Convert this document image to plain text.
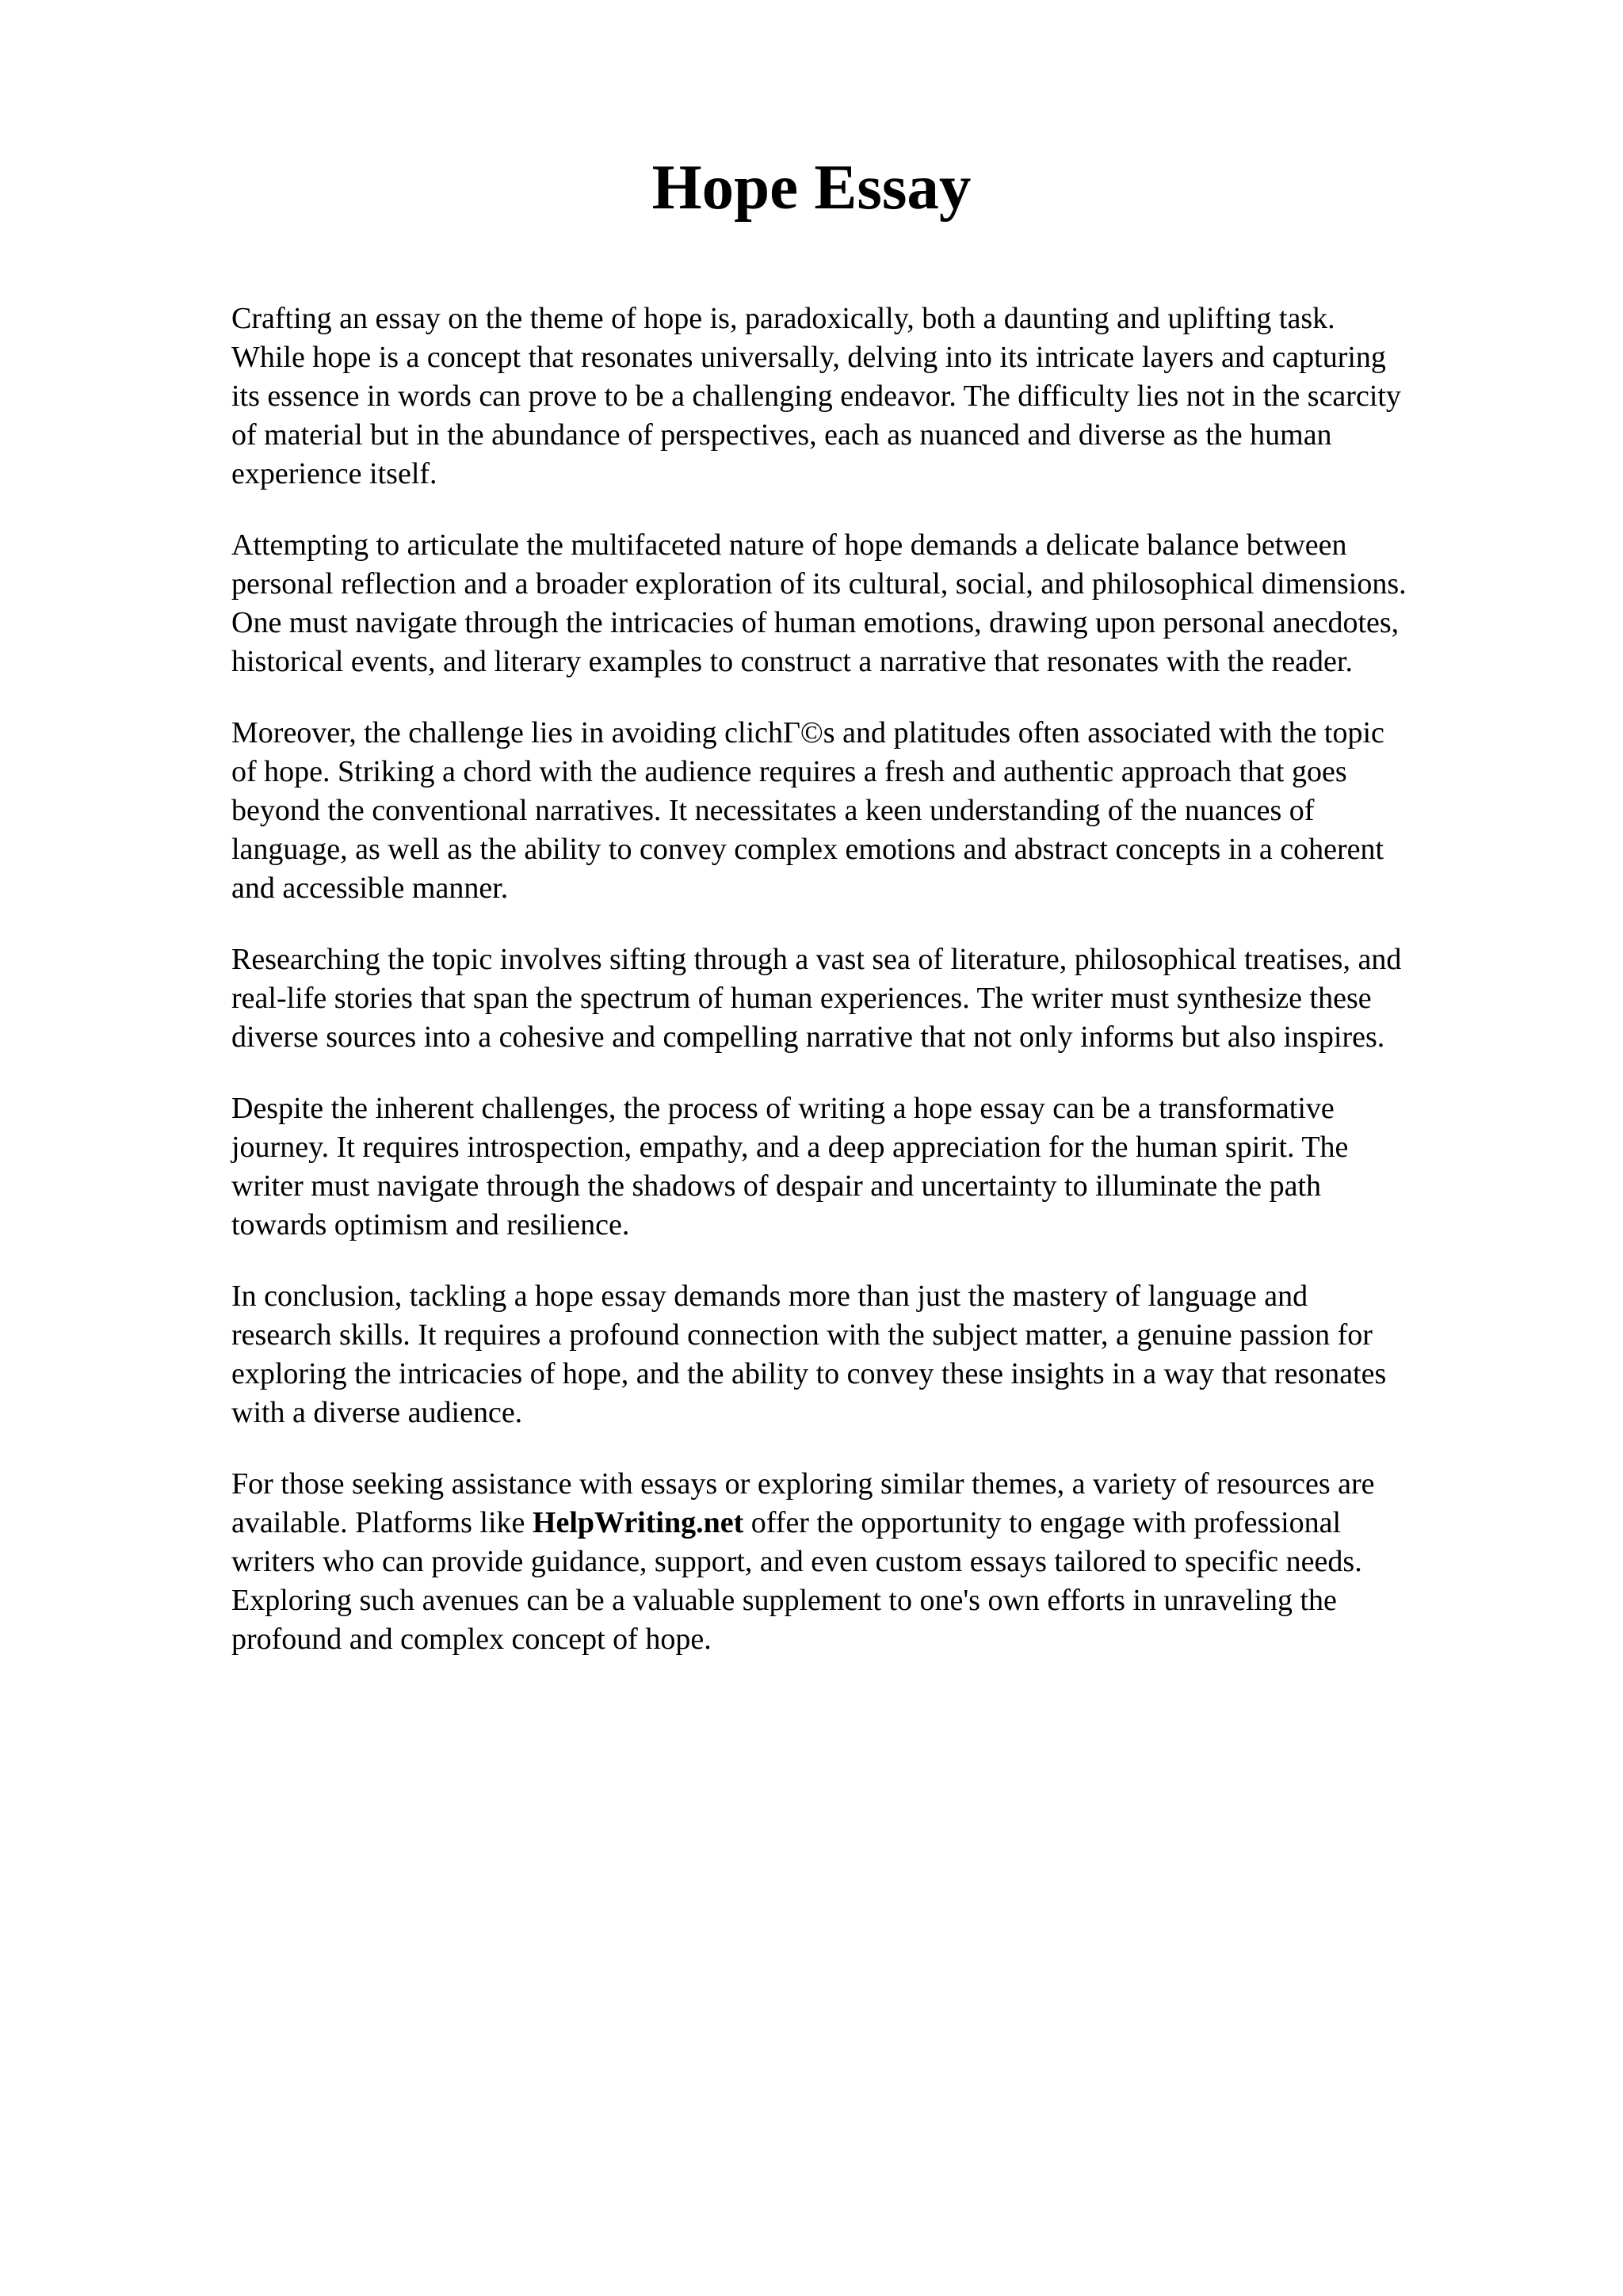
Hope Essay

Crafting an essay on the theme of hope is, paradoxically, both a daunting and uplifting task.
While hope is a concept that resonates universally, delving into its intricate layers and capturing
its essence in words can prove to be a challenging endeavor. The difficulty lies not in the scarcity
of material but in the abundance of perspectives, each as nuanced and diverse as the human
experience itself.

Attempting to articulate the multifaceted nature of hope demands a delicate balance between
personal reflection and a broader exploration of its cultural, social, and philosophical dimensions.
One must navigate through the intricacies of human emotions, drawing upon personal anecdotes,
historical events, and literary examples to construct a narrative that resonates with the reader.

Moreover, the challenge lies in avoiding clichΓ©s and platitudes often associated with the topic
of hope. Striking a chord with the audience requires a fresh and authentic approach that goes
beyond the conventional narratives. It necessitates a keen understanding of the nuances of
language, as well as the ability to convey complex emotions and abstract concepts in a coherent
and accessible manner.

Researching the topic involves sifting through a vast sea of literature, philosophical treatises, and
real-life stories that span the spectrum of human experiences. The writer must synthesize these
diverse sources into a cohesive and compelling narrative that not only informs but also inspires.

Despite the inherent challenges, the process of writing a hope essay can be a transformative
journey. It requires introspection, empathy, and a deep appreciation for the human spirit. The
writer must navigate through the shadows of despair and uncertainty to illuminate the path
towards optimism and resilience.

In conclusion, tackling a hope essay demands more than just the mastery of language and
research skills. It requires a profound connection with the subject matter, a genuine passion for
exploring the intricacies of hope, and the ability to convey these insights in a way that resonates
with a diverse audience.

For those seeking assistance with essays or exploring similar themes, a variety of resources are
available. Platforms like HelpWriting.net offer the opportunity to engage with professional
writers who can provide guidance, support, and even custom essays tailored to specific needs.
Exploring such avenues can be a valuable supplement to one's own efforts in unraveling the
profound and complex concept of hope.
